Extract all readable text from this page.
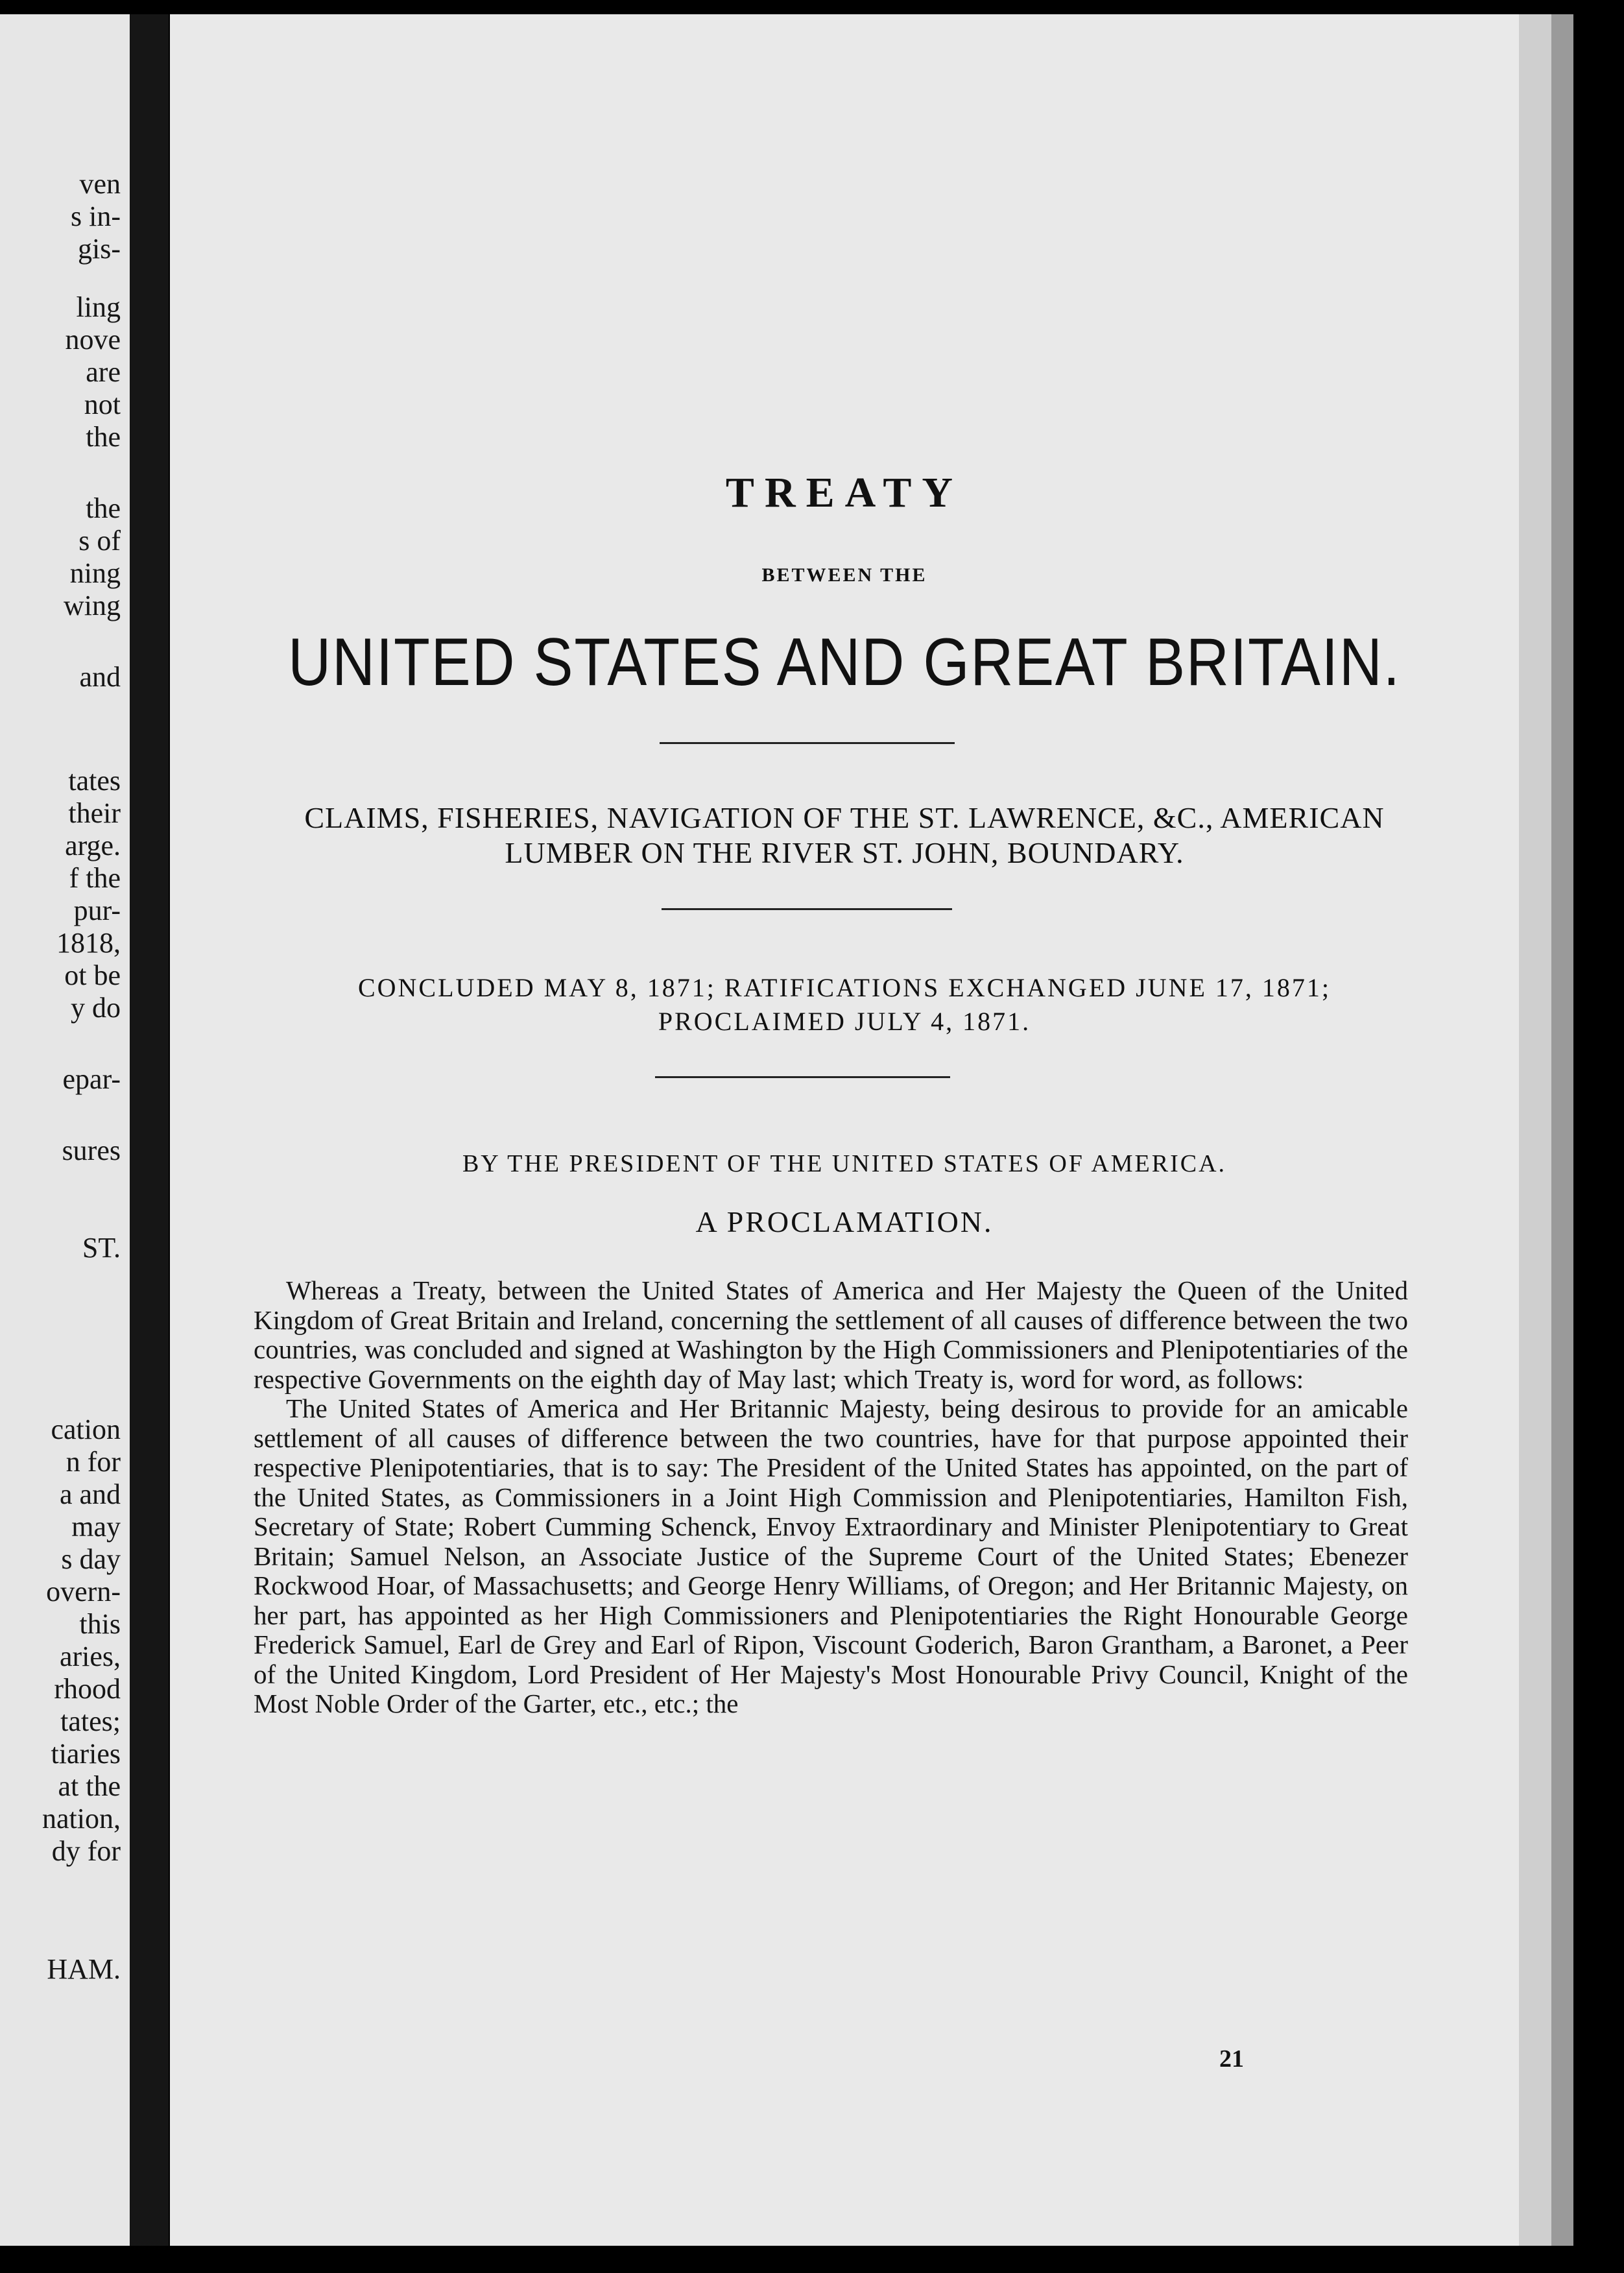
ven
s in-
gis-
ling
nove
are
not
the
the
s of
ning
wing
and
tates
their
arge.
f the
pur-
1818,
ot be
y do
epar-
sures
ST.
cation
n for
a and
may
s day
overn-
this
aries,
rhood
tates;
tiaries
at the
nation,
dy for
HAM.
TREATY
BETWEEN THE
UNITED STATES AND GREAT BRITAIN.
CLAIMS, FISHERIES, NAVIGATION OF THE ST. LAWRENCE, &C., AMERICAN
LUMBER ON THE RIVER ST. JOHN, BOUNDARY.
CONCLUDED MAY 8, 1871; RATIFICATIONS EXCHANGED JUNE 17, 1871;
PROCLAIMED JULY 4, 1871.
BY THE PRESIDENT OF THE UNITED STATES OF AMERICA.
A PROCLAMATION.

Whereas a Treaty, between the United States of America and Her Majesty the Queen of the United Kingdom of Great Britain and Ireland, concerning the settlement of all causes of difference between the two countries, was concluded and signed at Washington by the High Commissioners and Plenipotentiaries of the respective Governments on the eighth day of May last; which Treaty is, word for word, as follows:

The United States of America and Her Britannic Majesty, being desirous to provide for an amicable settlement of all causes of difference between the two countries, have for that purpose appointed their respective Plenipotentiaries, that is to say: The President of the United States has appointed, on the part of the United States, as Commissioners in a Joint High Commission and Plenipotentiaries, Hamilton Fish, Secretary of State; Robert Cumming Schenck, Envoy Extraordinary and Minister Plenipotentiary to Great Britain; Samuel Nelson, an Associate Justice of the Supreme Court of the United States; Ebenezer Rockwood Hoar, of Massachusetts; and George Henry Williams, of Oregon; and Her Britannic Majesty, on her part, has appointed as her High Commissioners and Plenipotentiaries the Right Honourable George Frederick Samuel, Earl de Grey and Earl of Ripon, Viscount Goderich, Baron Grantham, a Baronet, a Peer of the United Kingdom, Lord President of Her Majesty's Most Honourable Privy Council, Knight of the Most Noble Order of the Garter, etc., etc.; the

21
